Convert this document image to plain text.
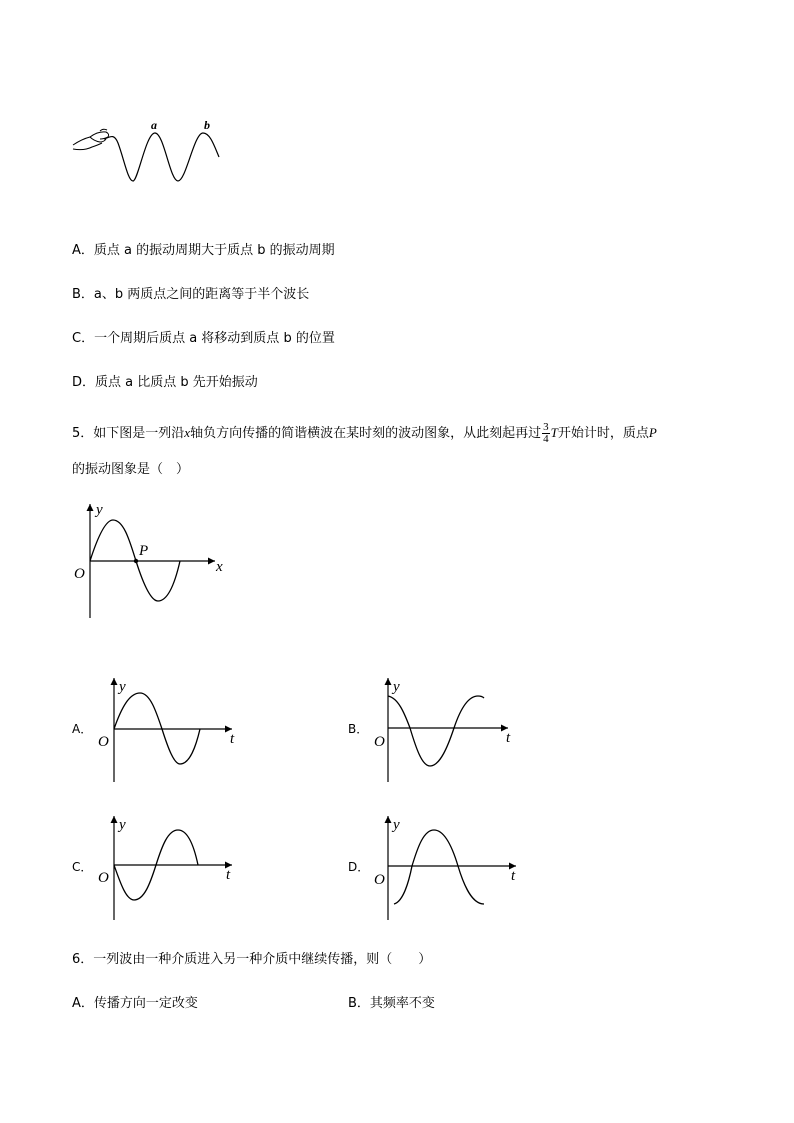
a	b
A．质点 a 的振动周期大于质点 b 的振动周期
B．a、b 两质点之间的距离等于半个波长
C．一个周期后质点 a 将移动到质点 b 的位置
D．质点 a 比质点 b 先开始振动
5．如下图是一列沿x轴负方向传播的简谐横波在某时刻的波动图象，从此刻起再过 $\frac{3}{4}$ T开始计时，质点P
的振动图象是（　）
y
x
O
P
A．
y
t
O
B．
y
t
O
C．
y
t
O
D．
y
t
O
6．一列波由一种介质进入另一种介质中继续传播，则（　　）
A．传播方向一定改变	B．其频率不变
